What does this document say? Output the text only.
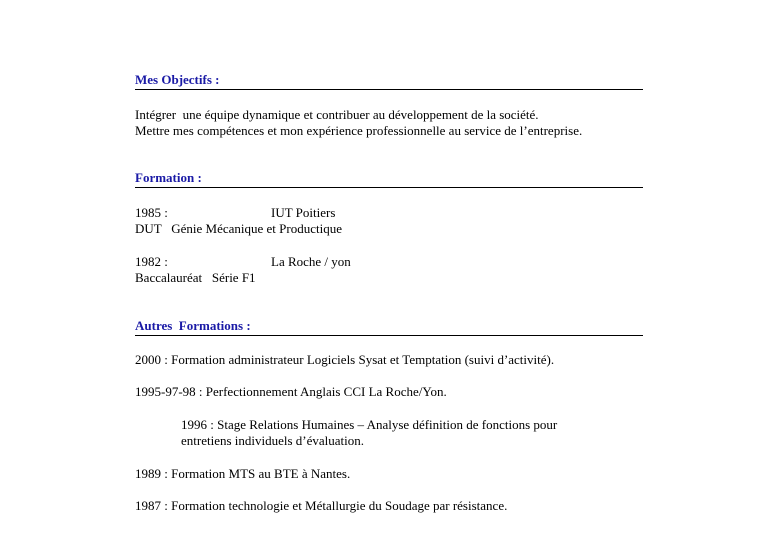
Mes Objectifs :
Intégrer  une équipe dynamique et contribuer au développement de la société.
Mettre mes compétences et mon expérience professionnelle au service de l’entreprise.
Formation :
1985 :	IUT Poitiers
DUT   Génie Mécanique et Productique
1982 :	La Roche / yon
Baccalauréat   Série F1
Autres  Formations :
2000 : Formation administrateur Logiciels Sysat et Temptation (suivi d’activité).
1995-97-98 : Perfectionnement Anglais CCI La Roche/Yon.
1996 : Stage Relations Humaines – Analyse définition de fonctions pour
entretiens individuels d’évaluation.
1989 : Formation MTS au BTE à Nantes.
1987 : Formation technologie et Métallurgie du Soudage par résistance.
